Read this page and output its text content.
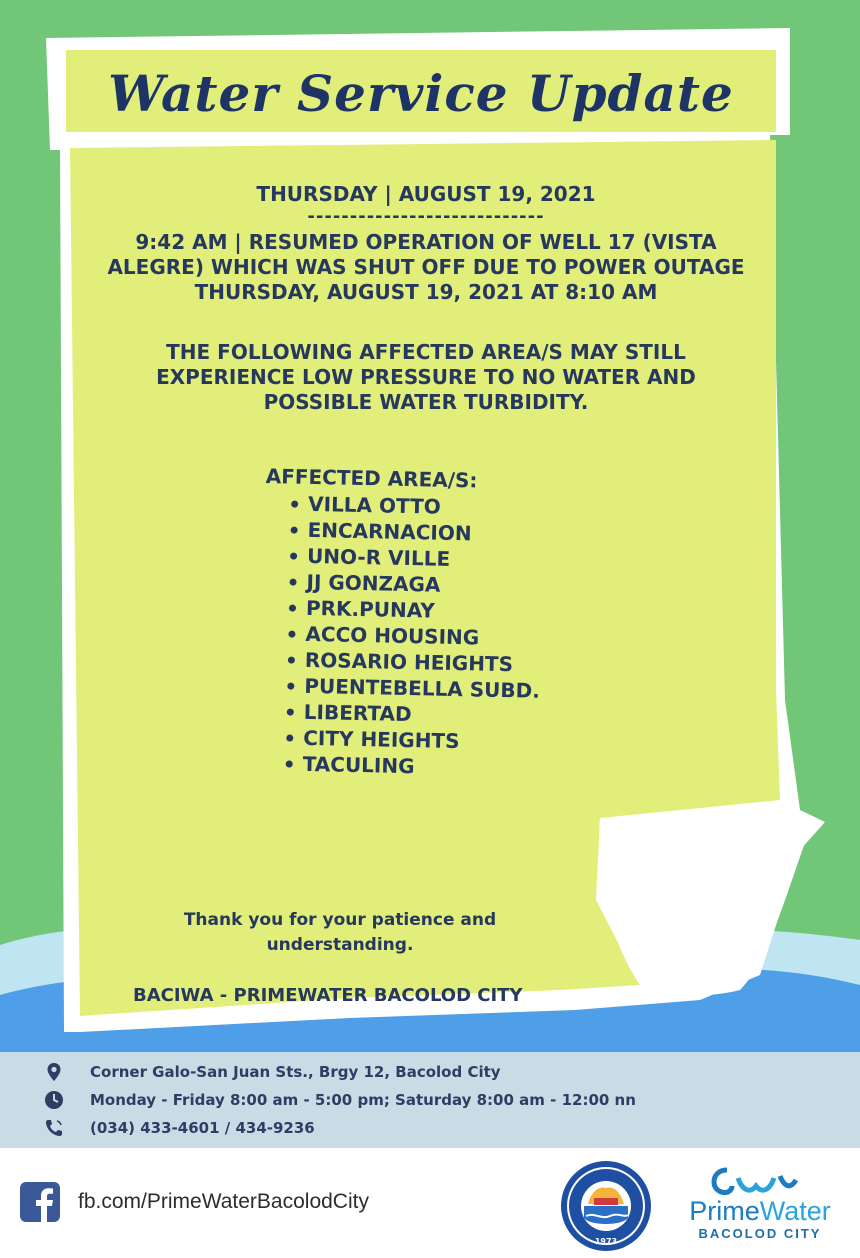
Water Service Update
THURSDAY | AUGUST 19, 2021
----------------------------
9:42 AM | RESUMED OPERATION OF WELL 17 (VISTA ALEGRE) WHICH WAS SHUT OFF DUE TO POWER OUTAGE THURSDAY, AUGUST 19, 2021 AT 8:10 AM
THE FOLLOWING AFFECTED AREA/S MAY STILL EXPERIENCE LOW PRESSURE TO NO WATER AND POSSIBLE WATER TURBIDITY.
AFFECTED AREA/S:
VILLA OTTO
ENCARNACION
UNO-R VILLE
JJ GONZAGA
PRK.PUNAY
ACCO HOUSING
ROSARIO HEIGHTS
PUENTEBELLA SUBD.
LIBERTAD
CITY HEIGHTS
TACULING
Thank you for your patience and understanding.
BACIWA - PRIMEWATER BACOLOD CITY
Corner Galo-San Juan Sts., Brgy 12, Bacolod City
Monday - Friday 8:00 am - 5:00 pm; Saturday 8:00 am - 12:00 nn
(034) 433-4601 / 434-9236
fb.com/PrimeWaterBacolodCity
1973
PrimeWater
BACOLOD CITY
